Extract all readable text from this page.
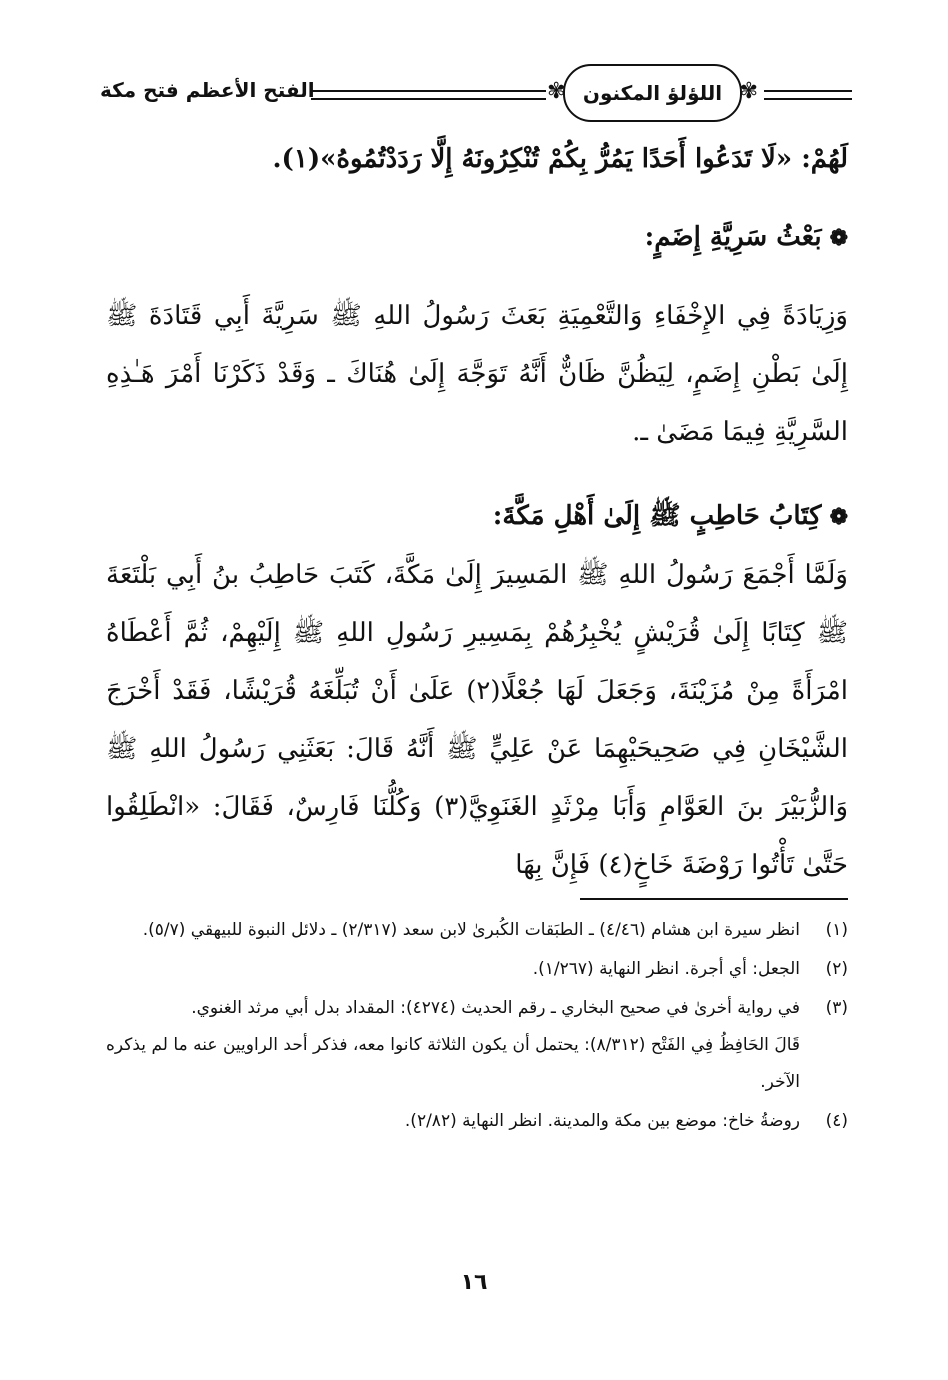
✾ اللؤلؤ المكنون
✾
الفتح الأعظم فتح مكة

لَهُمْ: «لَا تَدَعُوا أَحَدًا يَمُرُّ بِكُمْ تُنْكِرُونَهُ إِلَّا رَدَدْتُمُوهُ»(١).

❁بَعْثُ سَرِيَّةِ إِضَمٍ:

وَزِيَادَةً فِي الإِخْفَاءِ وَالتَّعْمِيَةِ بَعَثَ رَسُولُ اللهِ ﷺ سَرِيَّةَ أَبِي قَتَادَةَ ﷺ إِلَىٰ بَطْنِ إِضَمٍ، لِيَظُنَّ ظَانٌّ أَنَّهُ تَوَجَّهَ إِلَىٰ هُنَاكَ ـ وَقَدْ ذَكَرْنَا أَمْرَ هَـٰذِهِ السَّرِيَّةِ فِيمَا مَضَىٰ ـ.

❁كِتَابُ حَاطِبٍ ﷺ إِلَىٰ أَهْلِ مَكَّةَ:

وَلَمَّا أَجْمَعَ رَسُولُ اللهِ ﷺ المَسِيرَ إِلَىٰ مَكَّةَ، كَتَبَ حَاطِبُ بنُ أَبِي بَلْتَعَةَ ﷺ كِتَابًا إِلَىٰ قُرَيْشٍ يُخْبِرُهُمْ بِمَسِيرِ رَسُولِ اللهِ ﷺ إِلَيْهِمْ، ثُمَّ أَعْطَاهُ امْرَأَةً مِنْ مُزَيْنَةَ، وَجَعَلَ لَهَا جُعْلًا(٢) عَلَىٰ أَنْ تُبَلِّغَهُ قُرَيْشًا، فَقَدْ أَخْرَجَ الشَّيْخَانِ فِي صَحِيحَيْهِمَا عَنْ عَلِيٍّ ﷺ أَنَّهُ قَالَ: بَعَثَنِي رَسُولُ اللهِ ﷺ وَالزُّبَيْرَ بنَ العَوَّامِ وَأَبَا مِرْثَدٍ الغَنَوِيَّ(٣) وَكُلُّنَا فَارِسٌ، فَقَالَ: «انْطَلِقُوا حَتَّىٰ تَأْتُوا رَوْضَةَ خَاخٍ(٤) فَإِنَّ بِهَا

(١)
انظر سيرة ابن هشام (٤/٤٦) ـ الطبَقات الكُبرىٰ لابن سعد (٢/٣١٧) ـ دلائل النبوة للبيهقي (٥/٧).
(٢)
الجعل: أي أجرة. انظر النهاية (١/٢٦٧).
(٣)
في رواية أخرىٰ في صحيح البخاري ـ رقم الحديث (٤٢٧٤): المقداد بدل أبي مرثد الغنوي.
قَالَ الحَافِظُ فِي الفَتْح (٨/٣١٢): يحتمل أن يكون الثلاثة كانوا معه، فذكر أحد الراويين عنه ما لم يذكره الآخر.
(٤)
روضةُ خاخ: موضع بين مكة والمدينة. انظر النهاية (٢/٨٢).
١٦
